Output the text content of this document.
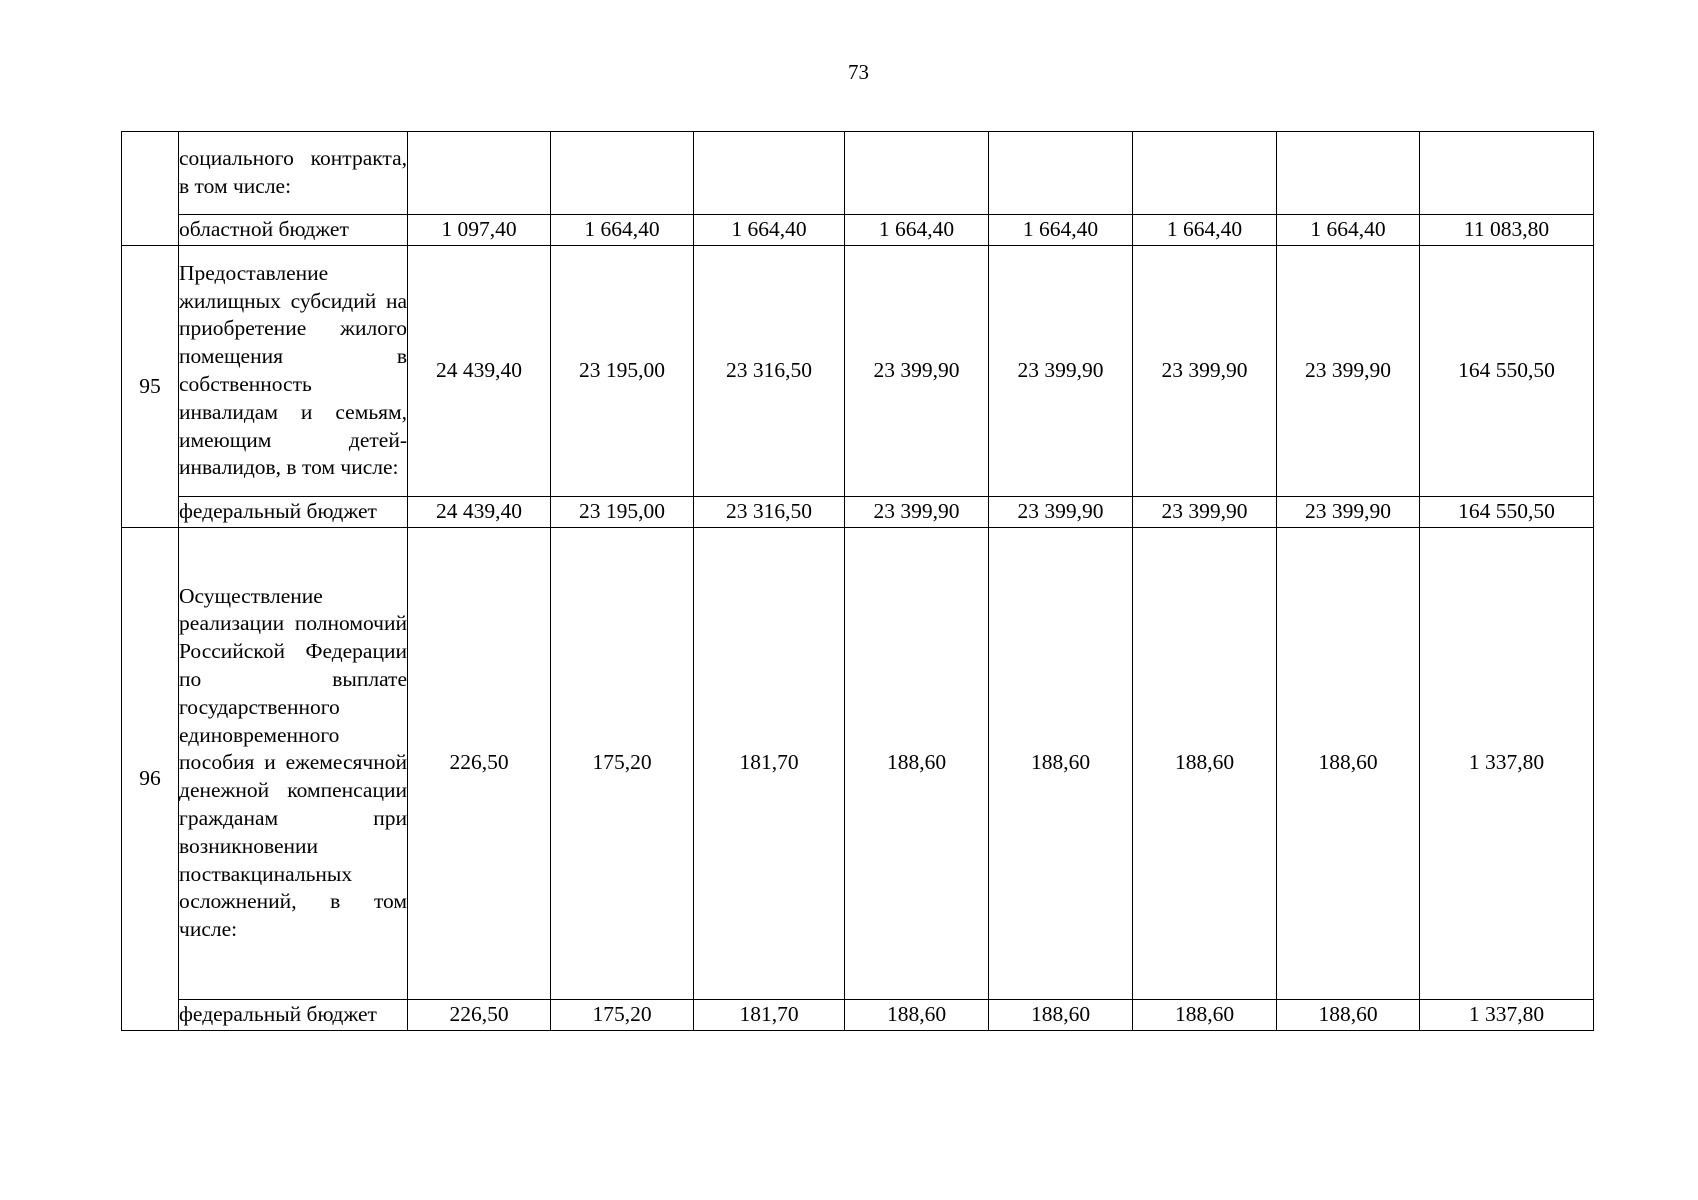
73
	социального контракта, в том числе:								
	областной бюджет	1 097,40	1 664,40	1 664,40	1 664,40	1 664,40	1 664,40	1 664,40	11 083,80
95	Предоставление жилищных субсидий на приобретение жилого помещения в собственность инвалидам и семьям, имеющим детей-инвалидов, в том числе:	24 439,40	23 195,00	23 316,50	23 399,90	23 399,90	23 399,90	23 399,90	164 550,50
	федеральный бюджет	24 439,40	23 195,00	23 316,50	23 399,90	23 399,90	23 399,90	23 399,90	164 550,50
96	Осуществление реализации полномочий Российской Федерации по выплате государственного единовременного пособия и ежемесячной денежной компенсации гражданам при возникновении поствакцинальных осложнений, в том числе:	226,50	175,20	181,70	188,60	188,60	188,60	188,60	1 337,80
	федеральный бюджет	226,50	175,20	181,70	188,60	188,60	188,60	188,60	1 337,80
